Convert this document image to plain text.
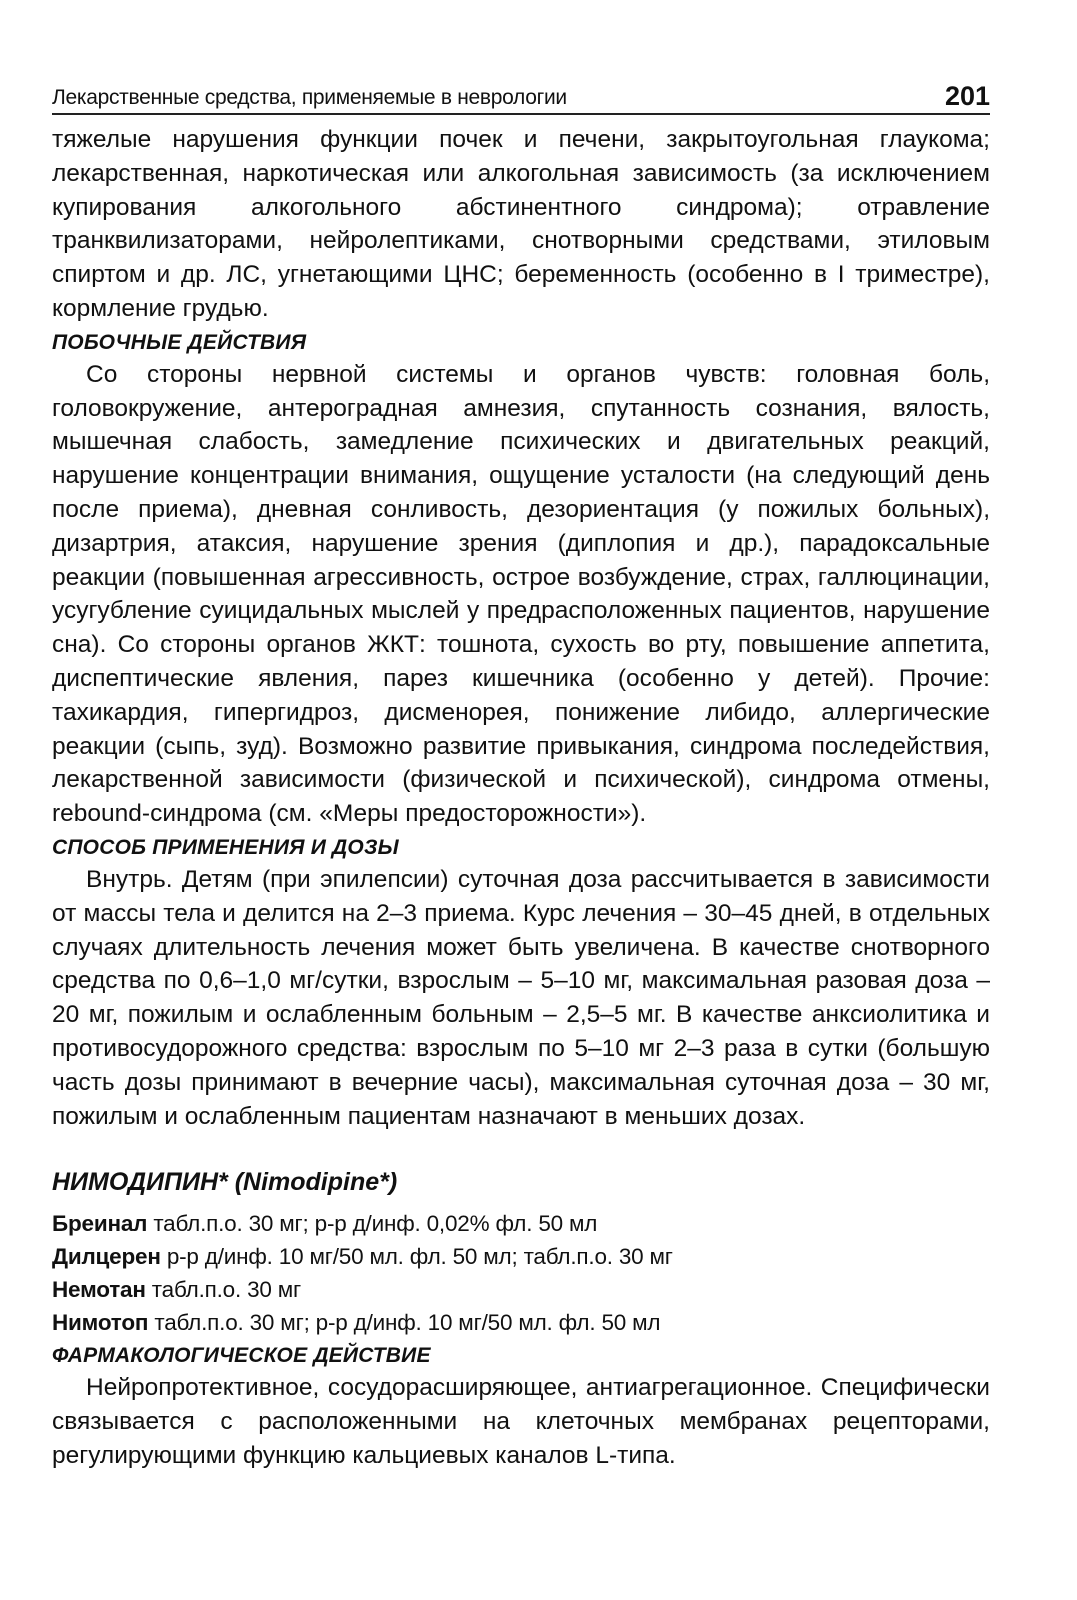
Лекарственные средства, применяемые в неврологии	201

тяжелые нарушения функции почек и печени, закрытоугольная глаукома; лекарственная, наркотическая или алкогольная зависимость (за исключением купирования алкогольного абстинентного синдрома); отравление транквилизаторами, нейролептиками, снотворными средствами, этиловым спиртом и др. ЛС, угнетающими ЦНС; беременность (особенно в I триместре), кормление грудью.

ПОБОЧНЫЕ ДЕЙСТВИЯ

Со стороны нервной системы и органов чувств: головная боль, головокружение, антероградная амнезия, спутанность сознания, вялость, мышечная слабость, замедление психических и двигательных реакций, нарушение концентрации внимания, ощущение усталости (на следующий день после приема), дневная сонливость, дезориентация (у пожилых больных), дизартрия, атаксия, нарушение зрения (диплопия и др.), парадоксальные реакции (повышенная агрессивность, острое возбуждение, страх, галлюцинации, усугубление суицидальных мыслей у предрасположенных пациентов, нарушение сна). Со стороны органов ЖКТ: тошнота, сухость во рту, повышение аппетита, диспептические явления, парез кишечника (особенно у детей). Прочие: тахикардия, гипергидроз, дисменорея, понижение либидо, аллергические реакции (сыпь, зуд). Возможно развитие привыкания, синдрома последействия, лекарственной зависимости (физической и психической), синдрома отмены, rebound-синдрома (см. «Меры предосторожности»).

СПОСОБ ПРИМЕНЕНИЯ И ДОЗЫ

Внутрь. Детям (при эпилепсии) суточная доза рассчитывается в зависимости от массы тела и делится на 2–3 приема. Курс лечения – 30–45 дней, в отдельных случаях длительность лечения может быть увеличена. В качестве снотворного средства по 0,6–1,0 мг/сутки, взрослым – 5–10 мг, максимальная разовая доза – 20 мг, пожилым и ослабленным больным – 2,5–5 мг. В качестве анксиолитика и противосудорожного средства: взрослым по 5–10 мг 2–3 раза в сутки (большую часть дозы принимают в вечерние часы), максимальная суточная доза – 30 мг, пожилым и ослабленным пациентам назначают в меньших дозах.

НИМОДИПИН* (Nimodipine*)

Бреинал табл.п.о. 30 мг; р-р д/инф. 0,02% фл. 50 мл

Дилцерен р-р д/инф. 10 мг/50 мл. фл. 50 мл; табл.п.о. 30 мг

Немотан табл.п.о. 30 мг

Нимотоп табл.п.о. 30 мг; р-р д/инф. 10 мг/50 мл. фл. 50 мл

ФАРМАКОЛОГИЧЕСКОЕ ДЕЙСТВИЕ

Нейропротективное, сосудорасширяющее, антиагрегационное. Специфически связывается с расположенными на клеточных мембранах рецепторами, регулирующими функцию кальциевых каналов L-типа.
